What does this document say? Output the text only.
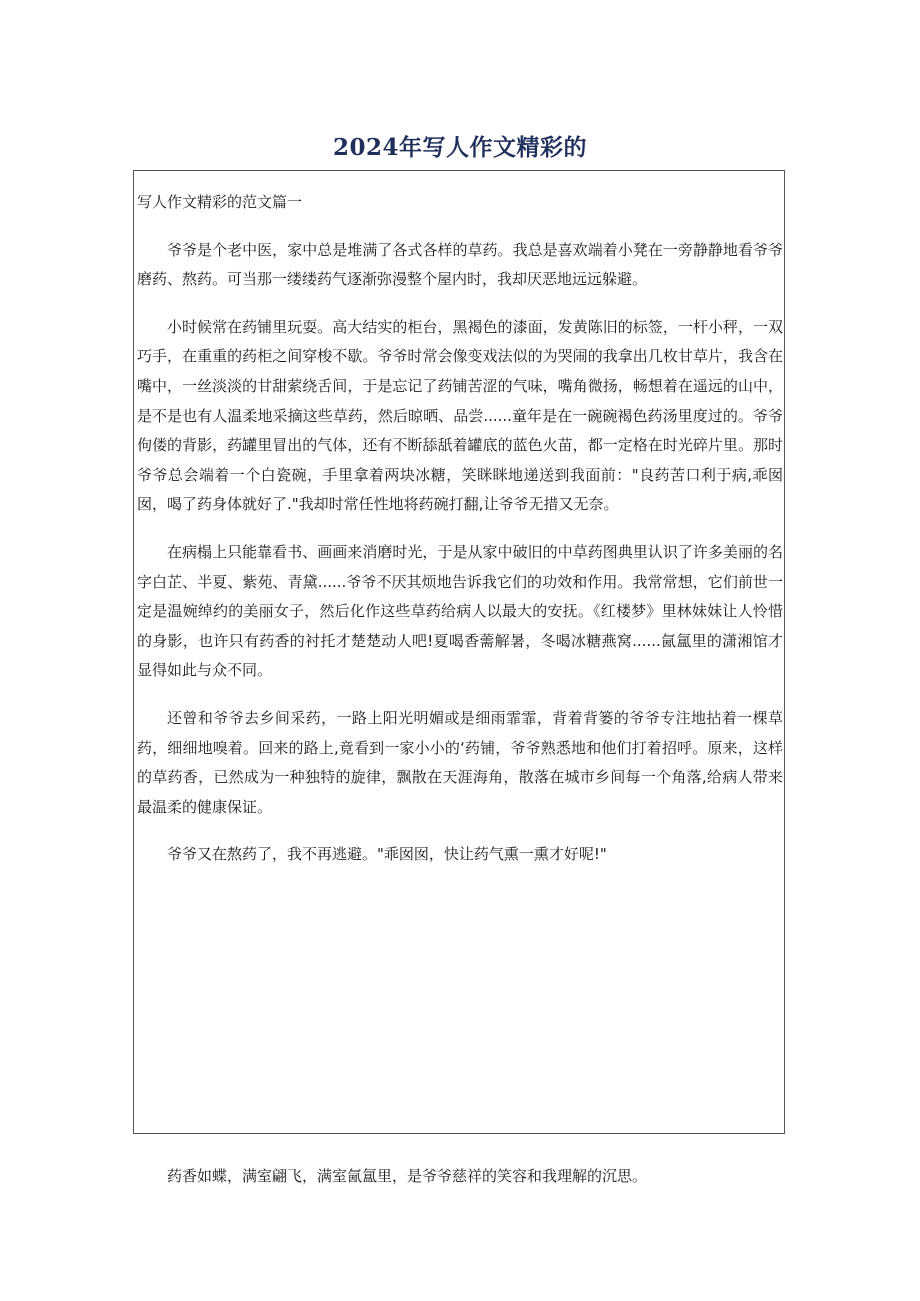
2024年写人作文精彩的

写人作文精彩的范文篇一

爷爷是个老中医，家中总是堆满了各式各样的草药。我总是喜欢端着小凳在一旁静静地看爷爷磨药、熬药。可当那一缕缕药气逐渐弥漫整个屋内时，我却厌恶地远远躲避。

小时候常在药铺里玩耍。高大结实的柜台，黑褐色的漆面，发黄陈旧的标签，一杆小秤，一双巧手，在重重的药柜之间穿梭不歇。爷爷时常会像变戏法似的为哭闹的我拿出几枚甘草片，我含在嘴中，一丝淡淡的甘甜萦绕舌间，于是忘记了药铺苦涩的气味，嘴角微扬，畅想着在遥远的山中，是不是也有人温柔地采摘这些草药，然后晾晒、品尝......童年是在一碗碗褐色药汤里度过的。爷爷佝偻的背影，药罐里冒出的气体，还有不断舔舐着罐底的蓝色火苗，都一定格在时光碎片里。那时爷爷总会端着一个白瓷碗，手里拿着两块冰糖，笑眯眯地递送到我面前："良药苦口利于病,乖囡囡，喝了药身体就好了."我却时常任性地将药碗打翻,让爷爷无措又无奈。

在病榻上只能靠看书、画画来消磨时光，于是从家中破旧的中草药图典里认识了许多美丽的名字白芷、半夏、紫苑、青黛......爷爷不厌其烦地告诉我它们的功效和作用。我常常想，它们前世一定是温婉绰约的美丽女子，然后化作这些草药给病人以最大的安抚。《红楼梦》里林妹妹让人怜惜的身影，也许只有药香的衬托才楚楚动人吧!夏喝香薷解暑，冬喝冰糖燕窝......氤氲里的潇湘馆才显得如此与众不同。

还曾和爷爷去乡间采药，一路上阳光明媚或是细雨霏霏，背着背篓的爷爷专注地拈着一棵草药，细细地嗅着。回来的路上,竟看到一家小小的‘药铺，爷爷熟悉地和他们打着招呼。原来，这样的草药香，已然成为一种独特的旋律，飘散在天涯海角，散落在城市乡间每一个角落,给病人带来最温柔的健康保证。

爷爷又在熬药了，我不再逃避。"乖囡囡，快让药气熏一熏才好呢!"

药香如蝶，满室翩飞，满室氤氲里，是爷爷慈祥的笑容和我理解的沉思。
